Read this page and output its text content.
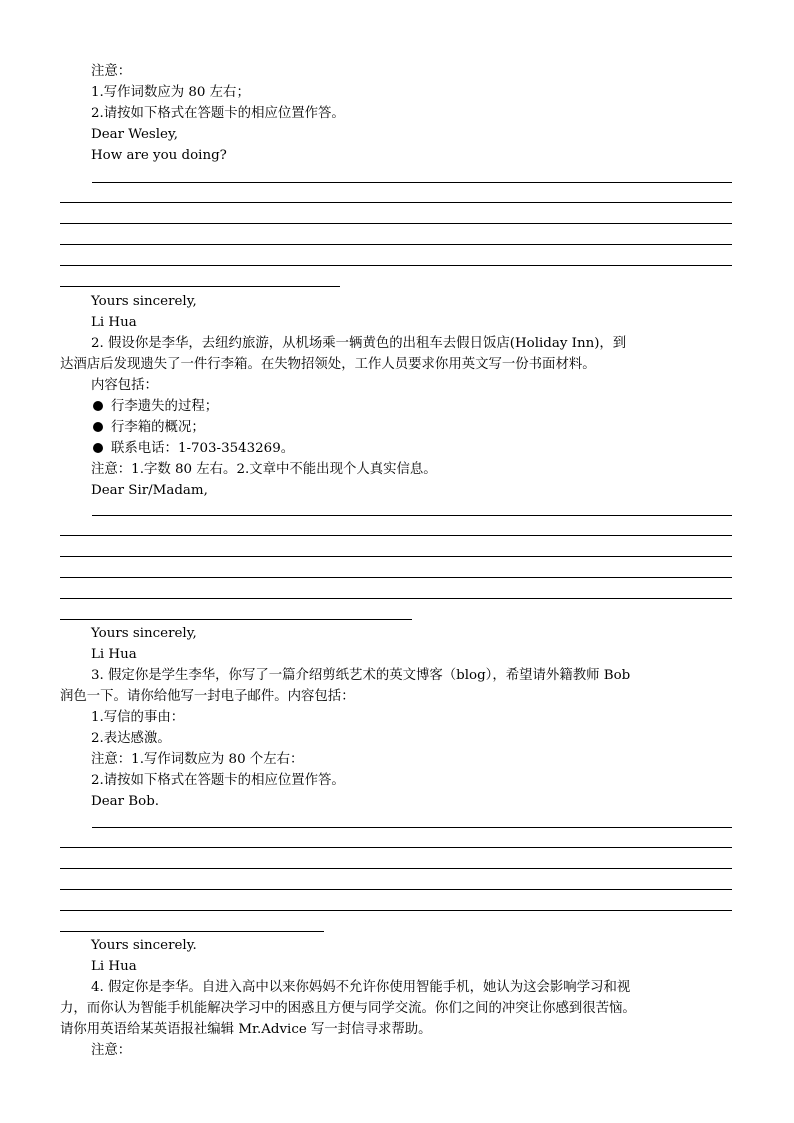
注意：
1.写作词数应为 80 左右；
2.请按如下格式在答题卡的相应位置作答。
Dear Wesley,
How are you doing?
Yours sincerely,
Li Hua
2. 假设你是李华，去纽约旅游，从机场乘一辆黄色的出租车去假日饭店(Holiday Inn)，到
达酒店后发现遗失了一件行李箱。在失物招领处，工作人员要求你用英文写一份书面材料。
内容包括：
行李遗失的过程；
行李箱的概况；
联系电话：1-703-3543269。
注意：1.字数 80 左右。2.文章中不能出现个人真实信息。
Dear Sir/Madam,
Yours sincerely,
Li Hua
3. 假定你是学生李华，你写了一篇介绍剪纸艺术的英文博客（blog），希望请外籍教师 Bob
润色一下。请你给他写一封电子邮件。内容包括：
1.写信的事由：
2.表达感激。
注意：1.写作词数应为 80 个左右：
2.请按如下格式在答题卡的相应位置作答。
Dear Bob.
Yours sincerely.
Li Hua
4. 假定你是李华。自进入高中以来你妈妈不允许你使用智能手机，她认为这会影响学习和视
力，而你认为智能手机能解决学习中的困惑且方便与同学交流。你们之间的冲突让你感到很苦恼。
请你用英语给某英语报社编辑 Mr.Advice 写一封信寻求帮助。
注意：
